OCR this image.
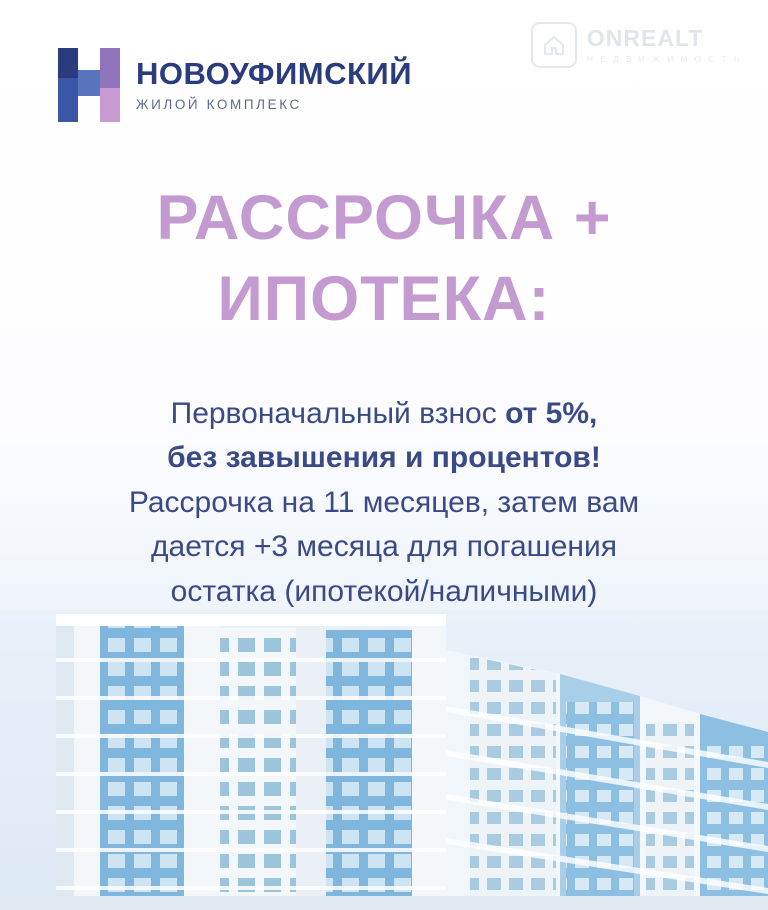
ONREALT
Н Е Д В И Ж И М О С Т Ь
НОВОУФИМСКИЙ
ЖИЛОЙ КОМПЛЕКС
РАССРОЧКА +
ИПОТЕКА:
Первоначальный взнос от 5%,
без завышения и процентов!
Рассрочка на 11 месяцев, затем вам
дается +3 месяца для погашения
остатка (ипотекой/наличными)
